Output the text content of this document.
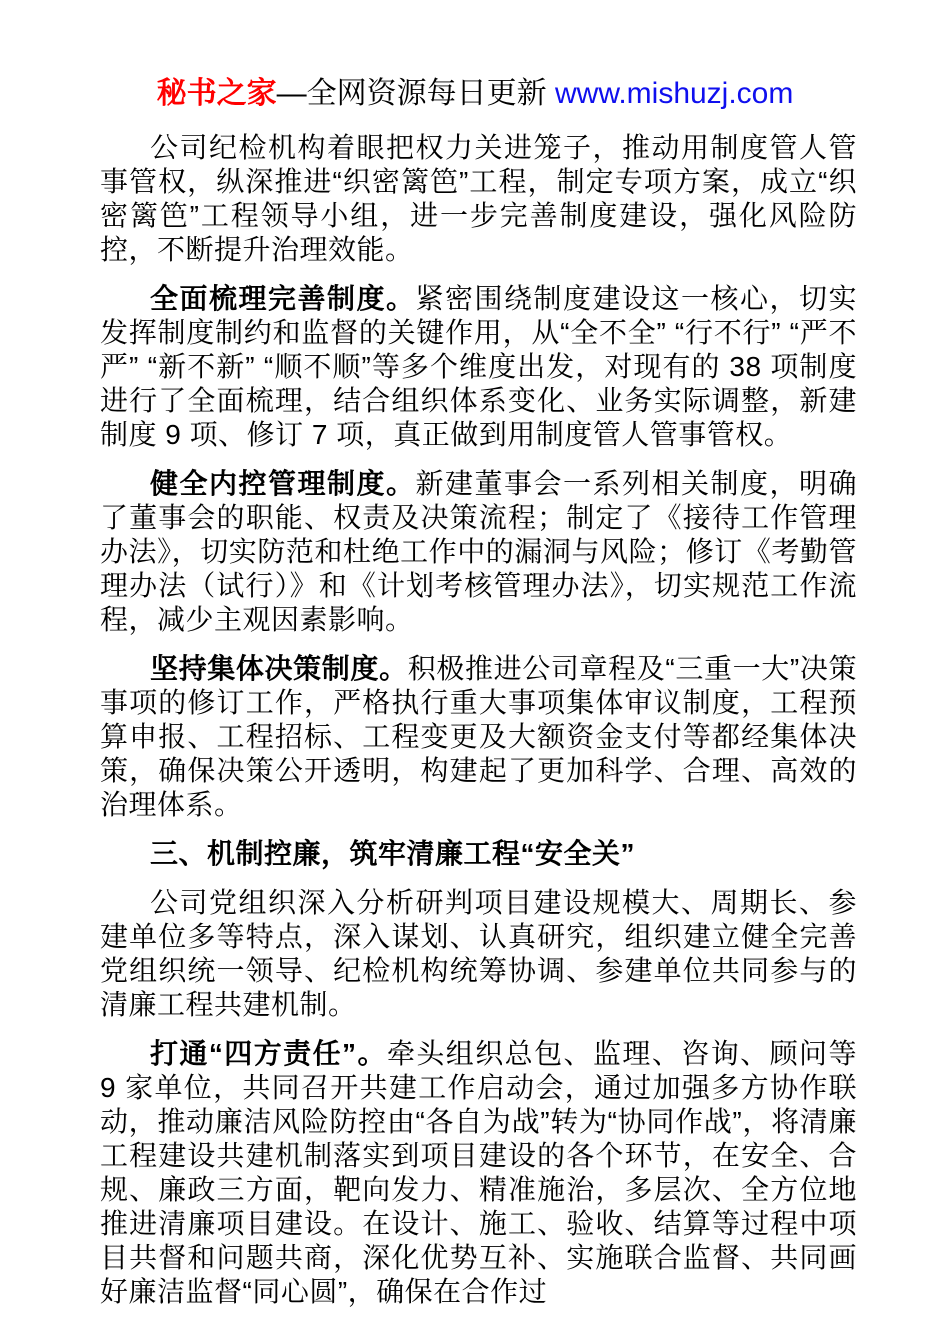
秘书之家—全网资源每日更新 www.mishuzj.com

公司纪检机构着眼把权力关进笼子，推动用制度管人管事管权，纵深推进“织密篱笆”工程，制定专项方案，成立“织密篱笆”工程领导小组，进一步完善制度建设，强化风险防控，不断提升治理效能。

全面梳理完善制度。紧密围绕制度建设这一核心，切实发挥制度制约和监督的关键作用，从“全不全” “行不行” “严不严” “新不新” “顺不顺”等多个维度出发，对现有的 38 项制度进行了全面梳理，结合组织体系变化、业务实际调整，新建制度 9 项、修订 7 项，真正做到用制度管人管事管权。

健全内控管理制度。新建董事会一系列相关制度，明确了董事会的职能、权责及决策流程；制定了《接待工作管理办法》，切实防范和杜绝工作中的漏洞与风险；修订《考勤管理办法（试行）》和《计划考核管理办法》，切实规范工作流程，减少主观因素影响。

坚持集体决策制度。积极推进公司章程及“三重一大”决策事项的修订工作，严格执行重大事项集体审议制度，工程预算申报、工程招标、工程变更及大额资金支付等都经集体决策，确保决策公开透明，构建起了更加科学、合理、高效的治理体系。

三、机制控廉，筑牢清廉工程“安全关”

公司党组织深入分析研判项目建设规模大、周期长、参建单位多等特点，深入谋划、认真研究，组织建立健全完善党组织统一领导、纪检机构统筹协调、参建单位共同参与的清廉工程共建机制。

打通“四方责任”。牵头组织总包、监理、咨询、顾问等 9 家单位，共同召开共建工作启动会，通过加强多方协作联动，推动廉洁风险防控由“各自为战”转为“协同作战”，将清廉工程建设共建机制落实到项目建设的各个环节，在安全、合规、廉政三方面，靶向发力、精准施治，多层次、全方位地推进清廉项目建设。在设计、施工、验收、结算等过程中项目共督和问题共商，深化优势互补、实施联合监督、共同画好廉洁监督“同心圆”，确保在合作过
